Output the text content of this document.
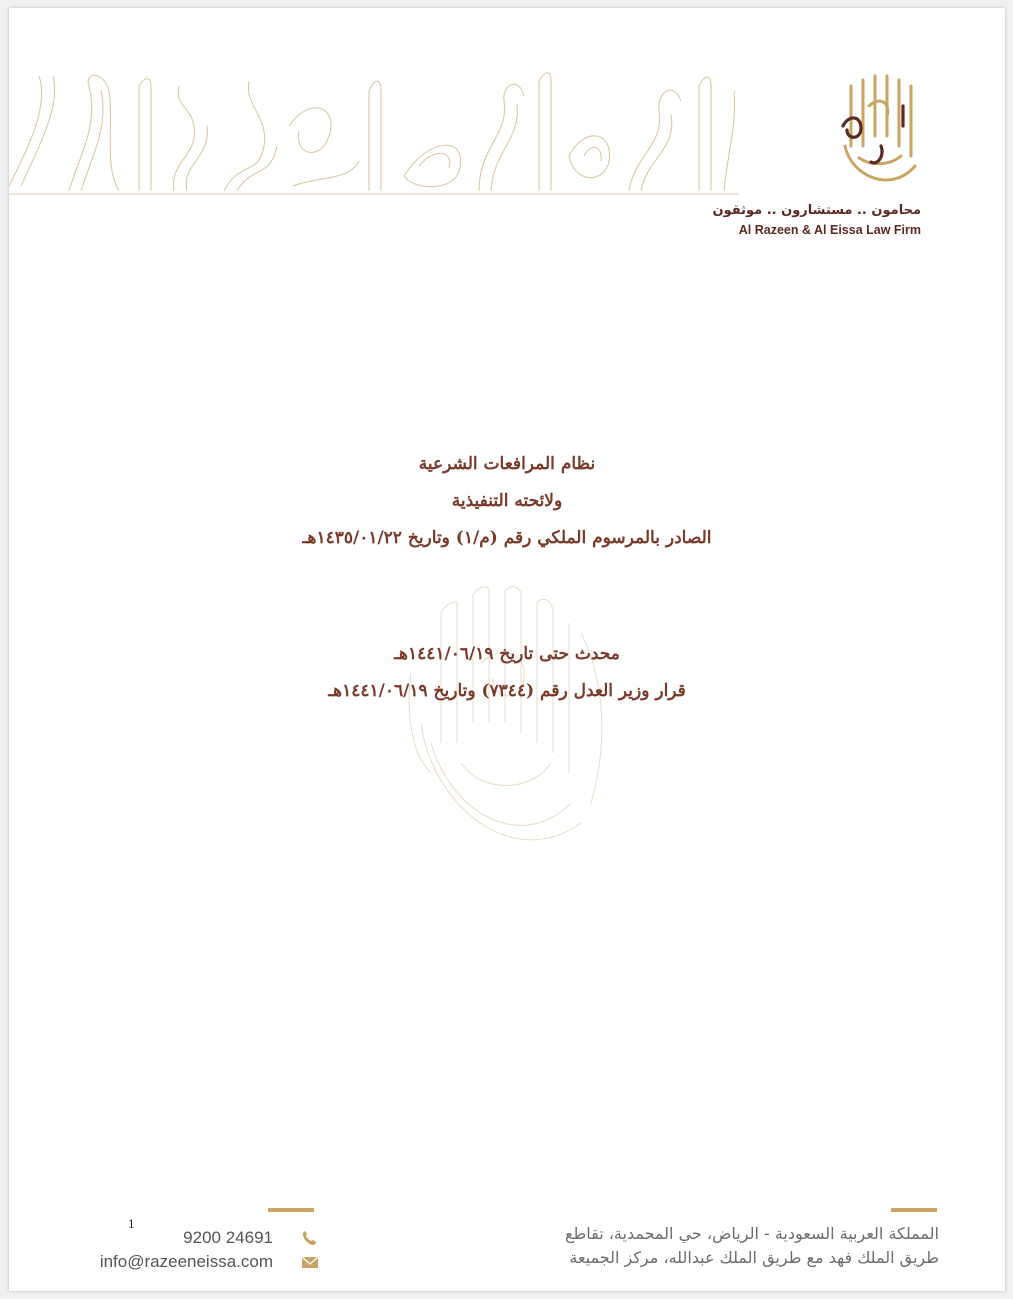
محامون .. مستشارون .. موثقون
Al Razeen & Al Eissa Law Firm
نظام المرافعات الشرعية
ولائحته التنفيذية
الصادر بالمرسوم الملكي رقم (م/١) وتاريخ ١٤٣٥/٠١/٢٢هـ
محدث حتى تاريخ ١٤٤١/٠٦/١٩هـ
قرار وزير العدل رقم (٧٣٤٤) وتاريخ ١٤٤١/٠٦/١٩هـ
المملكة العربية السعودية - الرياض، حي المحمدية، تقاطع
طريق الملك فهد مع طريق الملك عبدالله، مركز الجميعة
1
9200 24691
info@razeeneissa.com
